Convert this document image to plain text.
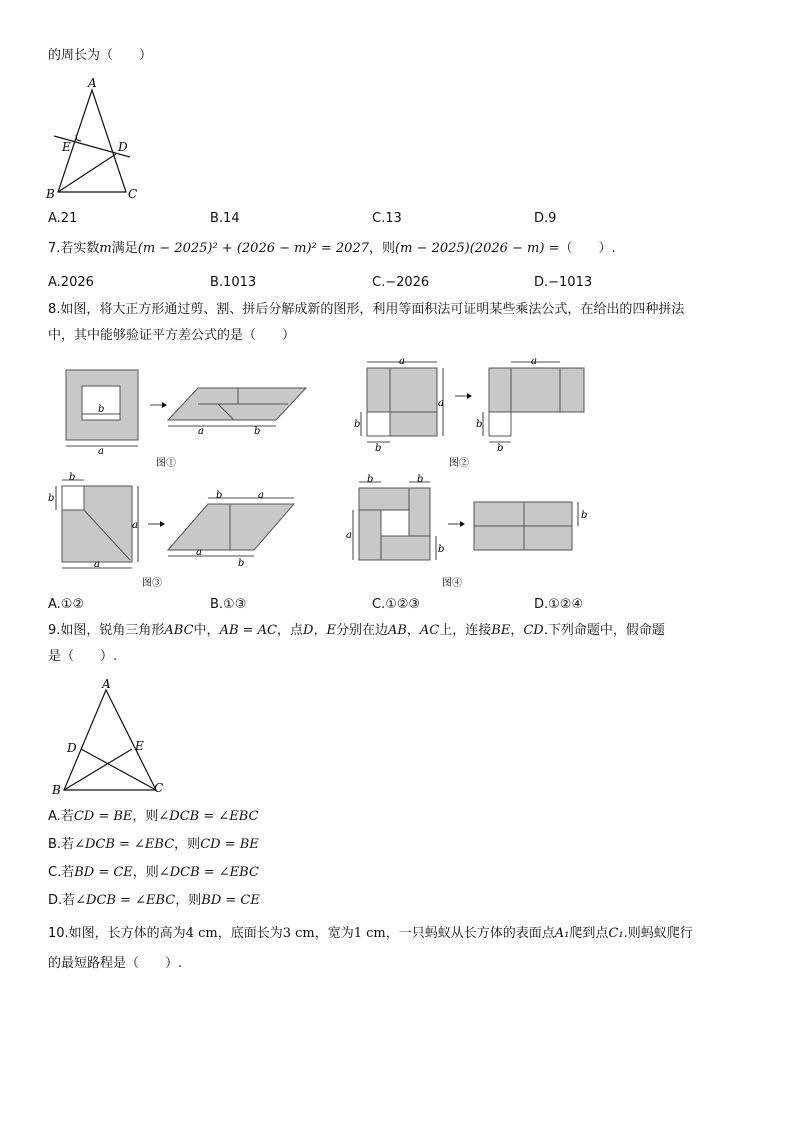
的周长为（　　）
A
E	D
B	C
A.21	B.14	C.13	D.9
7.若实数m满足(m − 2025)² + (2026 − m)² = 2027，则(m − 2025)(2026 − m) =（　　）.
A.2026	B.1013	C.−2026	D.−1013
8.如图，将大正方形通过剪、割、拼后分解成新的图形，利用等面积法可证明某些乘法公式，在给出的四种拼法
中，其中能够验证平方差公式的是（　　）
b
a
a	b
图①
a
a
b
b
a
b
b
图②
b
b
a
a
b	a
a
b
图③
b	b
a
b
b
图④
A.①②	B.①③	C.①②③	D.①②④
9.如图，锐角三角形ABC中，AB = AC，点D，E分别在边AB，AC上，连接BE，CD.下列命题中，假命题
是（　　）.
A
D	E
B	C
A.若CD = BE，则∠DCB = ∠EBC
B.若∠DCB = ∠EBC，则CD = BE
C.若BD = CE，则∠DCB = ∠EBC
D.若∠DCB = ∠EBC，则BD = CE
10.如图，长方体的高为4 cm，底面长为3 cm，宽为1 cm，一只蚂蚁从长方体的表面点A₁爬到点C₁.则蚂蚁爬行
的最短路程是（　　）.
